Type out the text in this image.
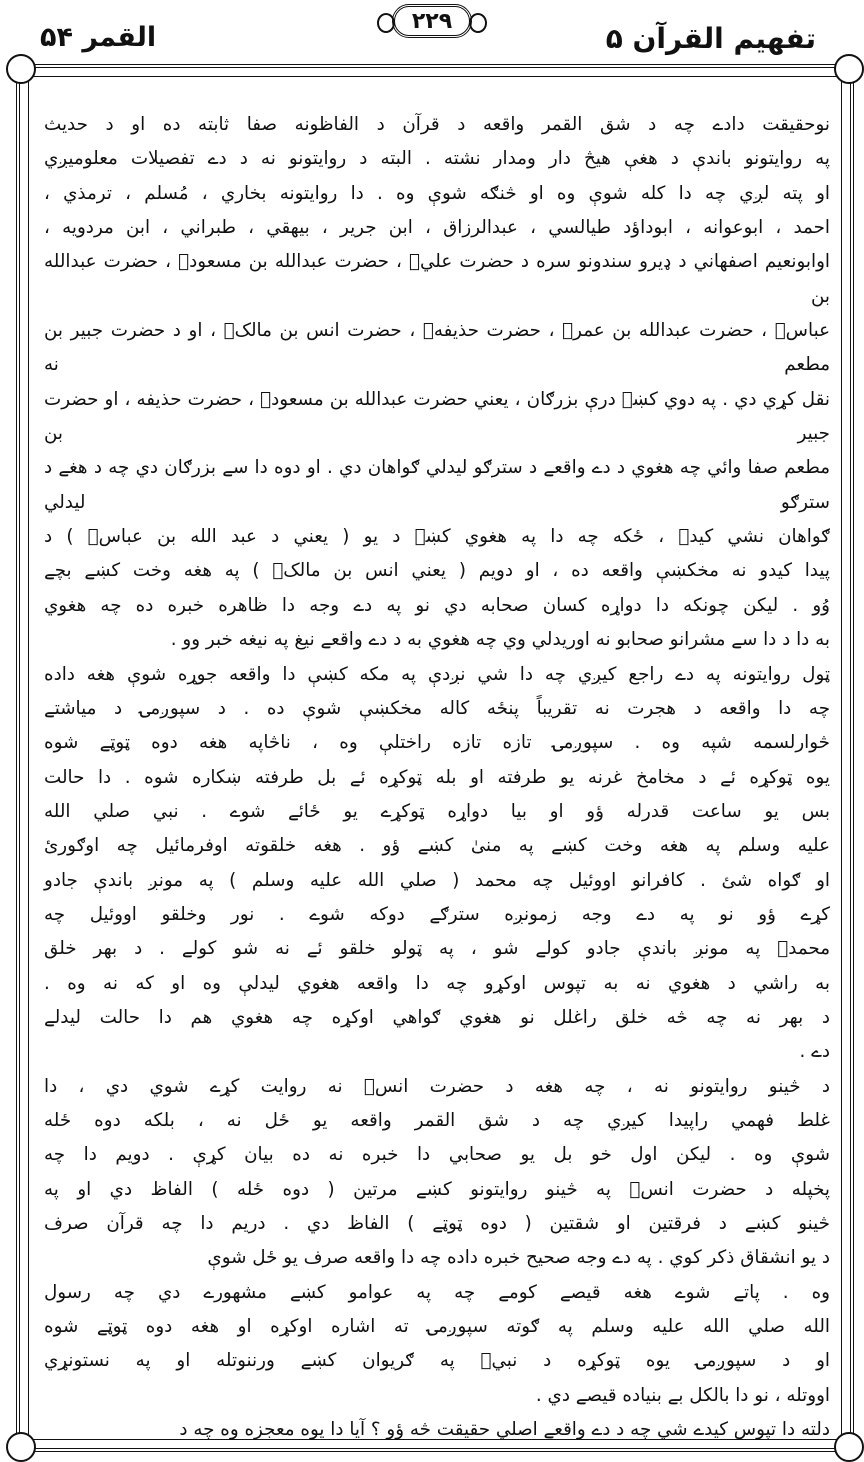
القمر ۵۴
۲۲۹
تفهيم القرآن ۵

نوحقيقت دادے چه د شق القمر واقعه د قرآن د الفاظونه صفا ثابته ده او د حديث

په روايتونو باندې د هغې هيڅ دار ومدار نشته . البته د روايتونو نه د دے تفصيلات معلوميږي

او پته لږي چه دا کله شوې وه او څنګه شوې وه . دا روايتونه بخاري ، مُسلم ، ترمذي ،

احمد ، ابوعوانه ، ابوداؤد طيالسي ، عبدالرزاق ، ابن جرير ، بيهقي ، طبراني ، ابن مردويه ،

اوابونعيم اصفهاني د ډيرو سندونو سره د حضرت عليؓ ، حضرت عبدالله بن مسعودؓ ، حضرت عبدالله بن

عباسؓ ، حضرت عبدالله بن عمرؓ ، حضرت حذيفهؓ ، حضرت انس بن مالکؓ ، او د حضرت جبير بن مطعم نه

نقل کړي دي . په دوي کښے درې بزرګان ، يعني حضرت عبدالله بن مسعودؓ ، حضرت حذيفه ، او حضرت جبير بن

مطعم صفا وائي چه هغوي د دے واقعے د سترګو ليدلي ګواهان دي . او دوه دا سے بزرګان دي چه د هغے د سترګو ليدلي

ګواهان نشي کيدے ، ځکه چه دا په هغوي کښے د يو ( يعني د عبد الله بن عباسؓ ) د

پيدا کيدو نه مخکښې واقعه ده ، او دويم ( يعني انس بن مالکؓ ) په هغه وخت کښے بچے

وُو . ليکن چونکه دا دواړه کسان صحابه دي نو په دے وجه دا ظاهره خبره ده چه هغوي

به دا د دا سے مشرانو صحابو نه اوريدلي وي چه هغوي به د دے واقعے نيغ په نيغه خبر وو .

ټول روايتونه په دے راجع کيږي چه دا شي نږدې په مکه کښې دا واقعه جوړه شوې هغه داده

چه دا واقعه د هجرت نه تقريباً پنځه کاله مخکښې شوې ده . د سپوږمۍ د مياشتے

څوارلسمه شپه وه . سپوږمۍ تازه تازه راختلې وه ، ناڅاپه هغه دوه ټوټے شوه

يوه ټوکړه ئے د مخامخ غرنه يو طرفته او بله ټوکړه ئے بل طرفته ښکاره شوه . دا حالت

بس يو ساعت قدرله ؤو او بيا دواړه ټوکړے يو ځائے شوے . نبي صلي الله

عليه وسلم په هغه وخت کښے په منیٰ کښے ؤو . هغه خلقوته اوفرمائيل چه اوګورئ

او ګواه شئ . کافرانو اووئيل چه محمد ( صلي الله عليه وسلم ) په مونږ باندې جادو

کړے ؤو نو په دے وجه زمونږه سترګے دوکه شوے . نور وخلقو اووئيل چه

محمدؐ په مونږ باندې جادو کولے شو ، په ټولو خلقو ئے نه شو کولے . د بهر خلق

به راشي د هغوي نه به تپوس اوکړو چه دا واقعه هغوي ليدلې وه او که نه وه .

د بهر نه چه څه خلق راغلل نو هغوي ګواهي اوکړه چه هغوي هم دا حالت ليدلے

دے .

د څينو روايتونو نه ، چه هغه د حضرت انسؓ نه روايت کړے شوي دي ، دا

غلط فهمي راپيدا کيږي چه د شق القمر واقعه يو ځل نه ، بلکه دوه ځله

شوې وه . ليکن اول خو بل يو صحابي دا خبره نه ده بيان کړې . دويم دا چه

پخپله د حضرت انسؓ په څينو روايتونو کښے مرتين ( دوه ځله ) الفاظ دي او په

څينو کښے د فرقتين او شقتين ( دوه ټوټے ) الفاظ دي . دريم دا چه قرآن صرف

د يو انشقاق ذکر کوي . په دے وجه صحيح خبره داده چه دا واقعه صرف يو ځل شوې

وه . پاتے شوے هغه قيصے کومے چه په عوامو کښے مشهورے دي چه رسول

الله صلي الله عليه وسلم په ګوته سپوږمۍ ته اشاره اوکړه او هغه دوه ټوټے شوه

او د سپوږمۍ يوه ټوکړه د نبيؐ په ګريوان کښے ورننوتله او په نستونړي

اووتله ، نو دا بالکل بے بنياده قيصے دي .

دلته دا تپوس کيدے شي چه د دے واقعے اصلي حقيقت څه ؤو ؟ آيا دا يوه معجزه وه چه د
